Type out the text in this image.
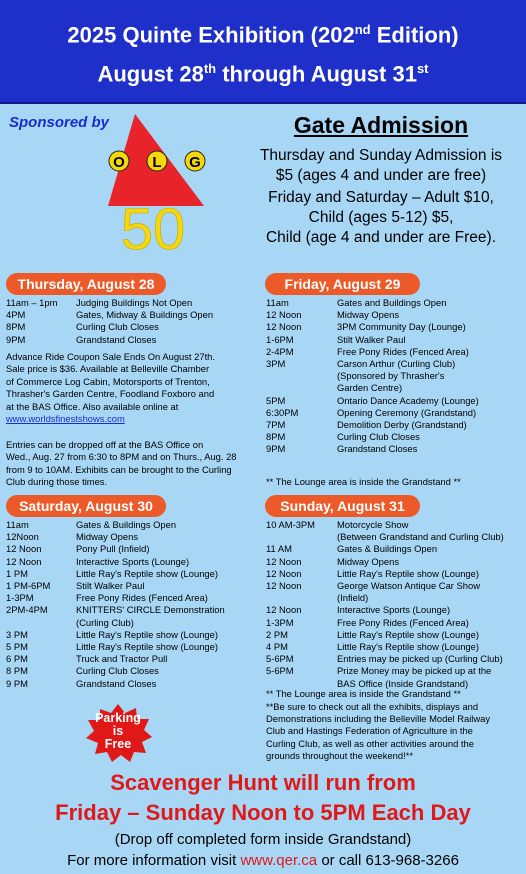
2025 Quinte Exhibition (202nd Edition)
August 28th through August 31st
Sponsored by
O L G
50
Gate Admission
Thursday and Sunday Admission is
$5 (ages 4 and under are free)
Friday and Saturday – Adult $10,
Child (ages 5-12) $5,
Child (age 4 and under are Free).
Thursday, August 28
11am – 1pm	Judging Buildings Not Open
4PM	Gates, Midway & Buildings Open
8PM	Curling Club Closes
9PM	Grandstand Closes
Advance Ride Coupon Sale Ends On August 27th.
Sale price is $36. Available at Belleville Chamber
of Commerce Log Cabin, Motorsports of Trenton,
Thrasher's Garden Centre, Foodland Foxboro and
at the BAS Office. Also available online at
www.worldsfinestshows.com
Entries can be dropped off at the BAS Office on
Wed., Aug. 27 from 6:30 to 8PM and on Thurs., Aug. 28
from 9 to 10AM. Exhibits can be brought to the Curling
Club during those times.
Friday, August 29
11am	Gates and Buildings Open
12 Noon	Midway Opens
12 Noon	3PM Community Day (Lounge)
1-6PM	Stilt Walker Paul
2-4PM	Free Pony Rides (Fenced Area)
3PM	Carson Arthur (Curling Club)
(Sponsored by Thrasher's
Garden Centre)
5PM	Ontario Dance Academy (Lounge)
6:30PM	Opening Ceremony (Grandstand)
7PM	Demolition Derby (Grandstand)
8PM	Curling Club Closes
9PM	Grandstand Closes
** The Lounge area is inside the Grandstand **
Saturday, August 30
11am	Gates & Buildings Open
12Noon	Midway Opens
12 Noon	Pony Pull (Infield)
12 Noon	Interactive Sports (Lounge)
1 PM	Little Ray's Reptile show (Lounge)
1 PM-6PM	Stilt Walker Paul
1-3PM	Free Pony Rides (Fenced Area)
2PM-4PM	KNITTERS' CIRCLE Demonstration
(Curling Club)
3 PM	Little Ray's Reptile show (Lounge)
5 PM	Little Ray's Reptile show (Lounge)
6 PM	Truck and Tractor Pull
8 PM	Curling Club Closes
9 PM	Grandstand Closes
Sunday, August 31
10 AM-3PM	Motorcycle Show
(Between Grandstand and Curling Club)
11 AM	Gates & Buildings Open
12 Noon	Midway Opens
12 Noon	Little Ray's Reptile show (Lounge)
12 Noon	George Watson Antique Car Show
(Infield)
12 Noon	Interactive Sports (Lounge)
1-3PM	Free Pony Rides (Fenced Area)
2 PM	Little Ray's Reptile show (Lounge)
4 PM	Little Ray's Reptile show (Lounge)
5-6PM	Entries may be picked up (Curling Club)
5-6PM	Prize Money may be picked up at the
BAS Office (Inside Grandstand)
** The Lounge area is inside the Grandstand **
**Be sure to check out all the exhibits, displays and
Demonstrations including the Belleville Model Railway
Club and Hastings Federation of Agriculture in the
Curling Club, as well as other activities around the
grounds throughout the weekend!**
Parking
is
Free
Scavenger Hunt will run from
Friday – Sunday Noon to 5PM Each Day
(Drop off completed form inside Grandstand)
For more information visit www.qer.ca or call 613-968-3266
